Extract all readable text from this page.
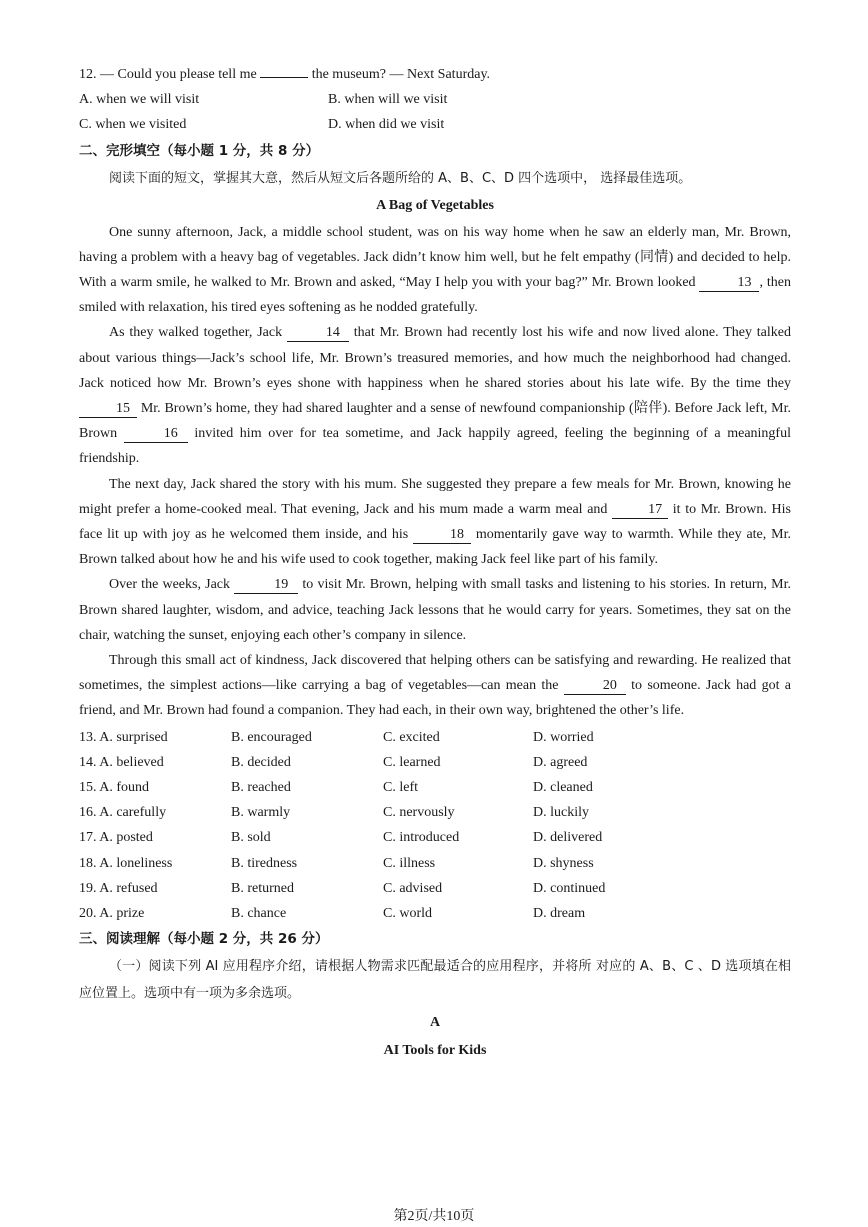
12. — Could you please tell me	the museum? — Next Saturday.
A. when we will visit	B. when will we visit
C. when we visited	D. when did we visit
二、完形填空（每小题 1 分，共 8 分）
阅读下面的短文，掌握其大意，然后从短文后各题所给的 A、B、C、D 四个选项中， 选择最佳选项。
A Bag of Vegetables

One sunny afternoon, Jack, a middle school student, was on his way home when he saw an elderly man, Mr. Brown, having a problem with a heavy bag of vegetables. Jack didn’t know him well, but he felt empathy (同情) and decided to help. With a warm smile, he walked to Mr. Brown and asked, “May I help you with your bag?” Mr. Brown looked	13 , then smiled with relaxation, his tired eyes softening as he nodded gratefully.

As they walked together, Jack	14 that Mr. Brown had recently lost his wife and now lived alone. They talked about various things—Jack’s school life, Mr. Brown’s treasured memories, and how much the neighborhood had changed. Jack noticed how Mr. Brown’s eyes shone with happiness when he shared stories about his late wife. By the time they 15 Mr. Brown’s home, they had shared laughter and a sense of newfound companionship (陪伴). Before Jack left, Mr. Brown	16 invited him over for tea sometime, and Jack happily agreed, feeling the beginning of a meaningful friendship.

The next day, Jack shared the story with his mum. She suggested they prepare a few meals for Mr. Brown, knowing he might prefer a home-cooked meal. That evening, Jack and his mum made a warm meal and	17 it to Mr. Brown. His face lit up with joy as he welcomed them inside, and his	18 momentarily gave way to warmth. While they ate, Mr. Brown talked about how he and his wife used to cook together, making Jack feel like part of his family.

Over the weeks, Jack	19 to visit Mr. Brown, helping with small tasks and listening to his stories. In return, Mr. Brown shared laughter, wisdom, and advice, teaching Jack lessons that he would carry for years. Sometimes, they sat on the chair, watching the sunset, enjoying each other’s company in silence.

Through this small act of kindness, Jack discovered that helping others can be satisfying and rewarding. He realized that sometimes, the simplest actions—like carrying a bag of vegetables—can mean the	20 to someone. Jack had got a friend, and Mr. Brown had found a companion. They had each, in their own way, brightened the other’s life.

13. A. surprised	B. encouraged	C. excited	D. worried
14. A. believed	B. decided	C. learned	D. agreed
15. A. found	B. reached	C. left	D. cleaned
16. A. carefully	B. warmly	C. nervously	D. luckily
17. A. posted	B. sold	C. introduced	D. delivered
18. A. loneliness	B. tiredness	C. illness	D. shyness
19. A. refused	B. returned	C. advised	D. continued
20. A. prize	B. chance	C. world	D. dream
三、阅读理解（每小题 2 分，共 26 分）
（一）阅读下列 AI 应用程序介绍，请根据人物需求匹配最适合的应用程序，并将所 对应的 A、B、C 、D 选项填在相应位置上。选项中有一项为多余选项。
A
AI Tools for Kids
第2页/共10页
